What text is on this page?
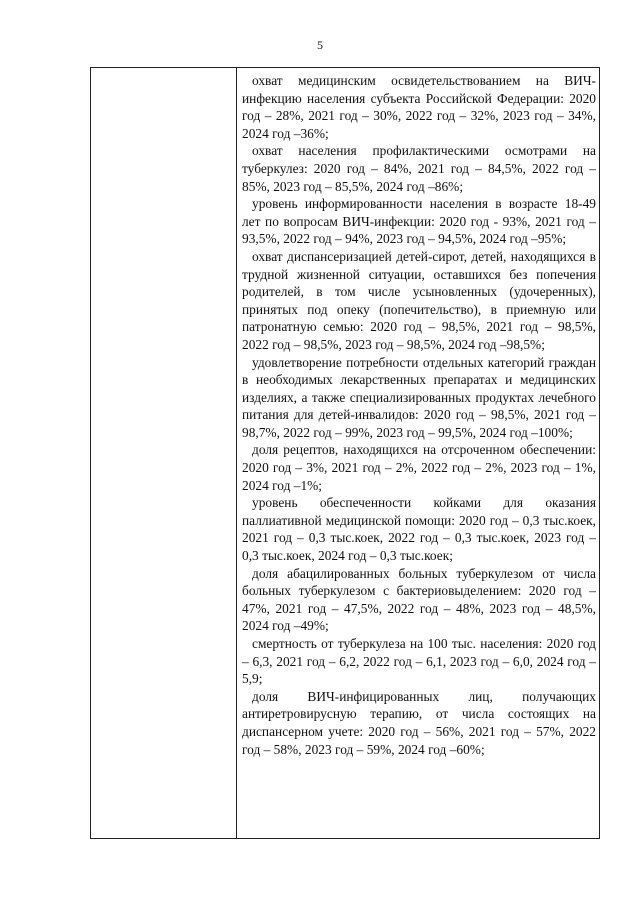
5

охват медицинским освидетельствованием на ВИЧ-инфекцию населения субъекта Российской Федерации: 2020 год – 28%, 2021 год – 30%, 2022 год – 32%, 2023 год – 34%, 2024 год –36%;

охват населения профилактическими осмотрами на туберкулез: 2020 год – 84%, 2021 год – 84,5%, 2022 год – 85%, 2023 год – 85,5%, 2024 год –86%;

уровень информированности населения в возрасте 18-49 лет по вопросам ВИЧ-инфекции: 2020 год - 93%, 2021 год – 93,5%, 2022 год – 94%, 2023 год – 94,5%, 2024 год –95%;

охват диспансеризацией детей-сирот, детей, находящихся в трудной жизненной ситуации, оставшихся без попечения родителей, в том числе усыновленных (удочеренных), принятых под опеку (попечительство), в приемную или патронатную семью: 2020 год – 98,5%, 2021 год – 98,5%, 2022 год – 98,5%, 2023 год – 98,5%, 2024 год –98,5%;

удовлетворение потребности отдельных категорий граждан в необходимых лекарственных препаратах и медицинских изделиях, а также специализированных продуктах лечебного питания для детей-инвалидов: 2020 год – 98,5%, 2021 год – 98,7%, 2022 год – 99%, 2023 год – 99,5%, 2024 год –100%;

доля рецептов, находящихся на отсроченном обеспечении: 2020 год – 3%, 2021 год – 2%, 2022 год – 2%, 2023 год – 1%, 2024 год –1%;

уровень обеспеченности койками для оказания паллиативной медицинской помощи: 2020 год – 0,3 тыс.коек, 2021 год – 0,3 тыс.коек, 2022 год – 0,3 тыс.коек, 2023 год – 0,3 тыс.коек, 2024 год – 0,3 тыс.коек;

доля абацилированных больных туберкулезом от числа больных туберкулезом с бактериовыделением: 2020 год – 47%, 2021 год – 47,5%, 2022 год – 48%, 2023 год – 48,5%, 2024 год –49%;

смертность от туберкулеза на 100 тыс. населения: 2020 год – 6,3, 2021 год – 6,2, 2022 год – 6,1, 2023 год – 6,0, 2024 год – 5,9;

доля ВИЧ-инфицированных лиц, получающих антиретровирусную терапию, от числа состоящих на диспансерном учете: 2020 год – 56%, 2021 год – 57%, 2022 год – 58%, 2023 год – 59%, 2024 год –60%;
